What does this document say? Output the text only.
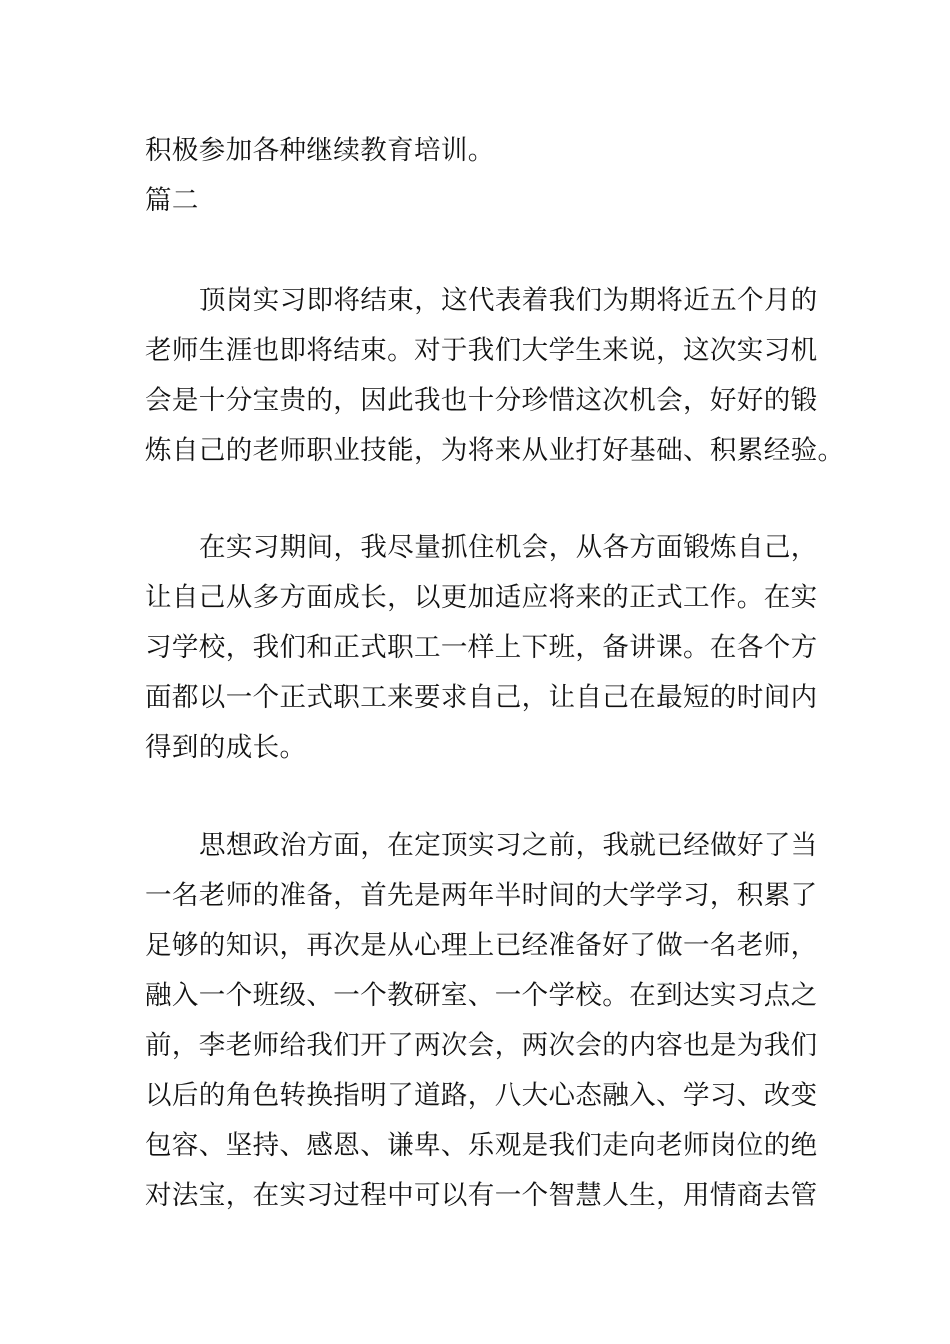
积极参加各种继续教育培训。
篇二
顶岗实习即将结束，这代表着我们为期将近五个月的
老师生涯也即将结束。对于我们大学生来说，这次实习机
会是十分宝贵的，因此我也十分珍惜这次机会，好好的锻
炼自己的老师职业技能，为将来从业打好基础、积累经验。
在实习期间，我尽量抓住机会，从各方面锻炼自己，
让自己从多方面成长，以更加适应将来的正式工作。在实
习学校，我们和正式职工一样上下班，备讲课。在各个方
面都以一个正式职工来要求自己，让自己在最短的时间内
得到的成长。
思想政治方面，在定顶实习之前，我就已经做好了当
一名老师的准备，首先是两年半时间的大学学习，积累了
足够的知识，再次是从心理上已经准备好了做一名老师，
融入一个班级、一个教研室、一个学校。在到达实习点之
前，李老师给我们开了两次会，两次会的内容也是为我们
以后的角色转换指明了道路，八大心态融入、学习、改变
包容、坚持、感恩、谦卑、乐观是我们走向老师岗位的绝
对法宝，在实习过程中可以有一个智慧人生，用情商去管
